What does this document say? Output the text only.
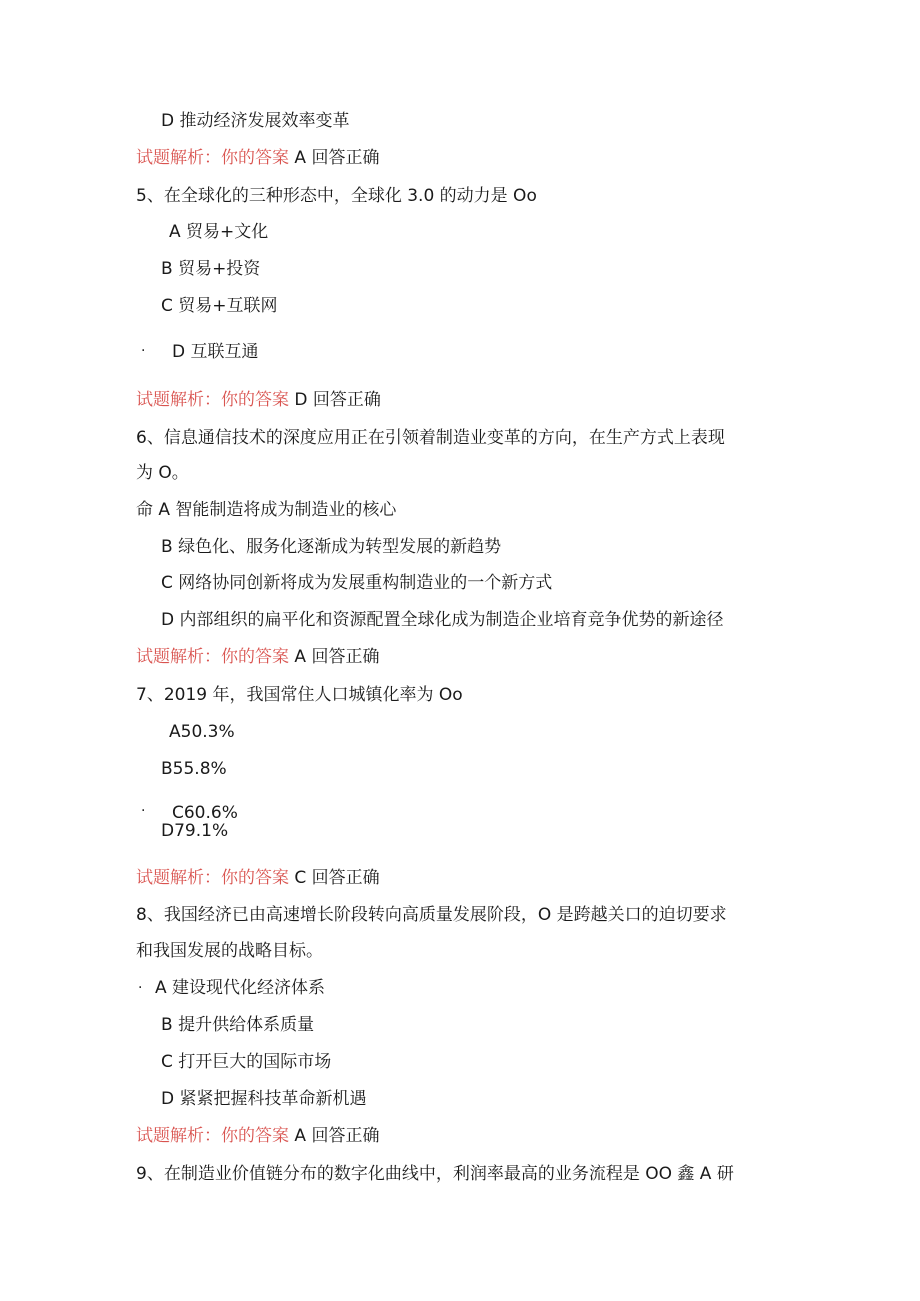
D 推动经济发展效率变革
试题解析：你的答案 A 回答正确
5、在全球化的三种形态中，全球化 3.0 的动力是 Oo
A 贸易+文化
B 贸易+投资
C 贸易+互联网
· D 互联互通
试题解析：你的答案 D 回答正确
6、信息通信技术的深度应用正在引领着制造业变革的方向，在生产方式上表现
为 O。
命 A 智能制造将成为制造业的核心
B 绿色化、服务化逐渐成为转型发展的新趋势
C 网络协同创新将成为发展重构制造业的一个新方式
D 内部组织的扁平化和资源配置全球化成为制造企业培育竞争优势的新途径
试题解析：你的答案 A 回答正确
7、2019 年，我国常住人口城镇化率为 Oo
A50.3%
B55.8%
· C60.6%
D79.1%
试题解析：你的答案 C 回答正确
8、我国经济已由高速增长阶段转向高质量发展阶段，O 是跨越关口的迫切要求
和我国发展的战略目标。
· A 建设现代化经济体系
B 提升供给体系质量
C 打开巨大的国际市场
D 紧紧把握科技革命新机遇
试题解析：你的答案 A 回答正确
9、在制造业价值链分布的数字化曲线中，利润率最高的业务流程是 OO 鑫 A 研
